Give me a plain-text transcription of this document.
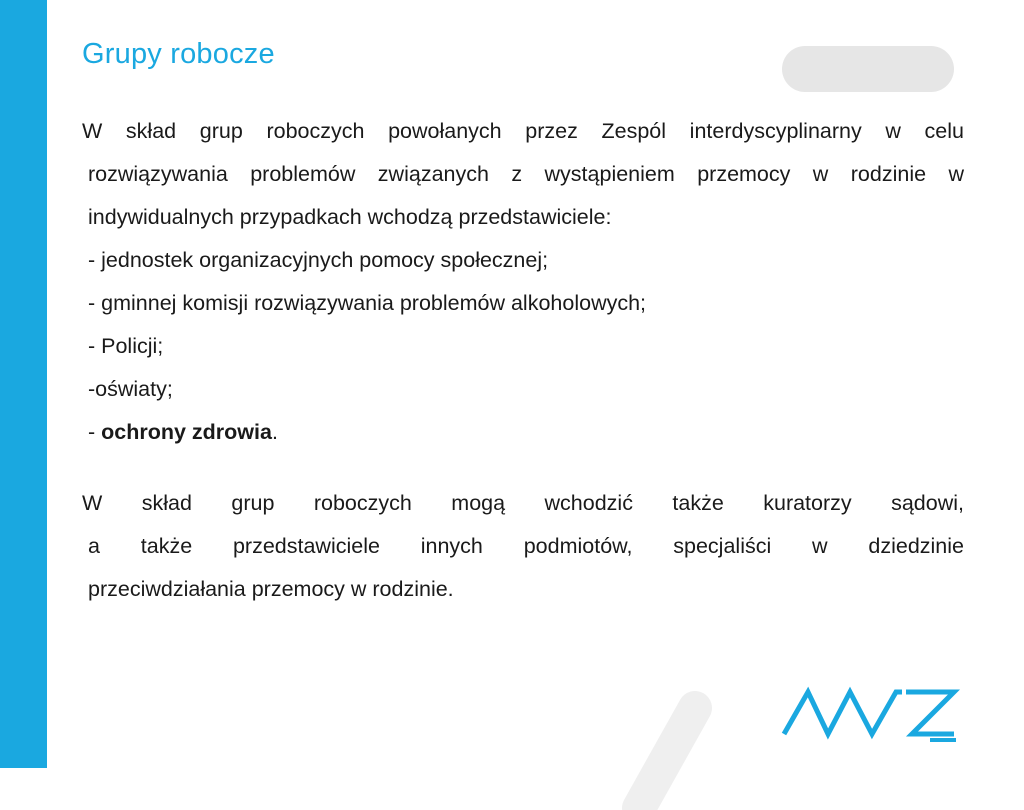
Grupy robocze
W skład grup roboczych powołanych przez Zespól interdyscyplinarny w celu
rozwiązywania problemów związanych z wystąpieniem przemocy w rodzinie w
indywidualnych przypadkach wchodzą przedstawiciele:
- jednostek organizacyjnych pomocy społecznej;
- gminnej komisji rozwiązywania problemów alkoholowych;
- Policji;
-oświaty;
- ochrony zdrowia.
W skład grup roboczych mogą wchodzić także kuratorzy sądowi,
a także przedstawiciele innych podmiotów, specjaliści w dziedzinie
przeciwdziałania przemocy w rodzinie.
